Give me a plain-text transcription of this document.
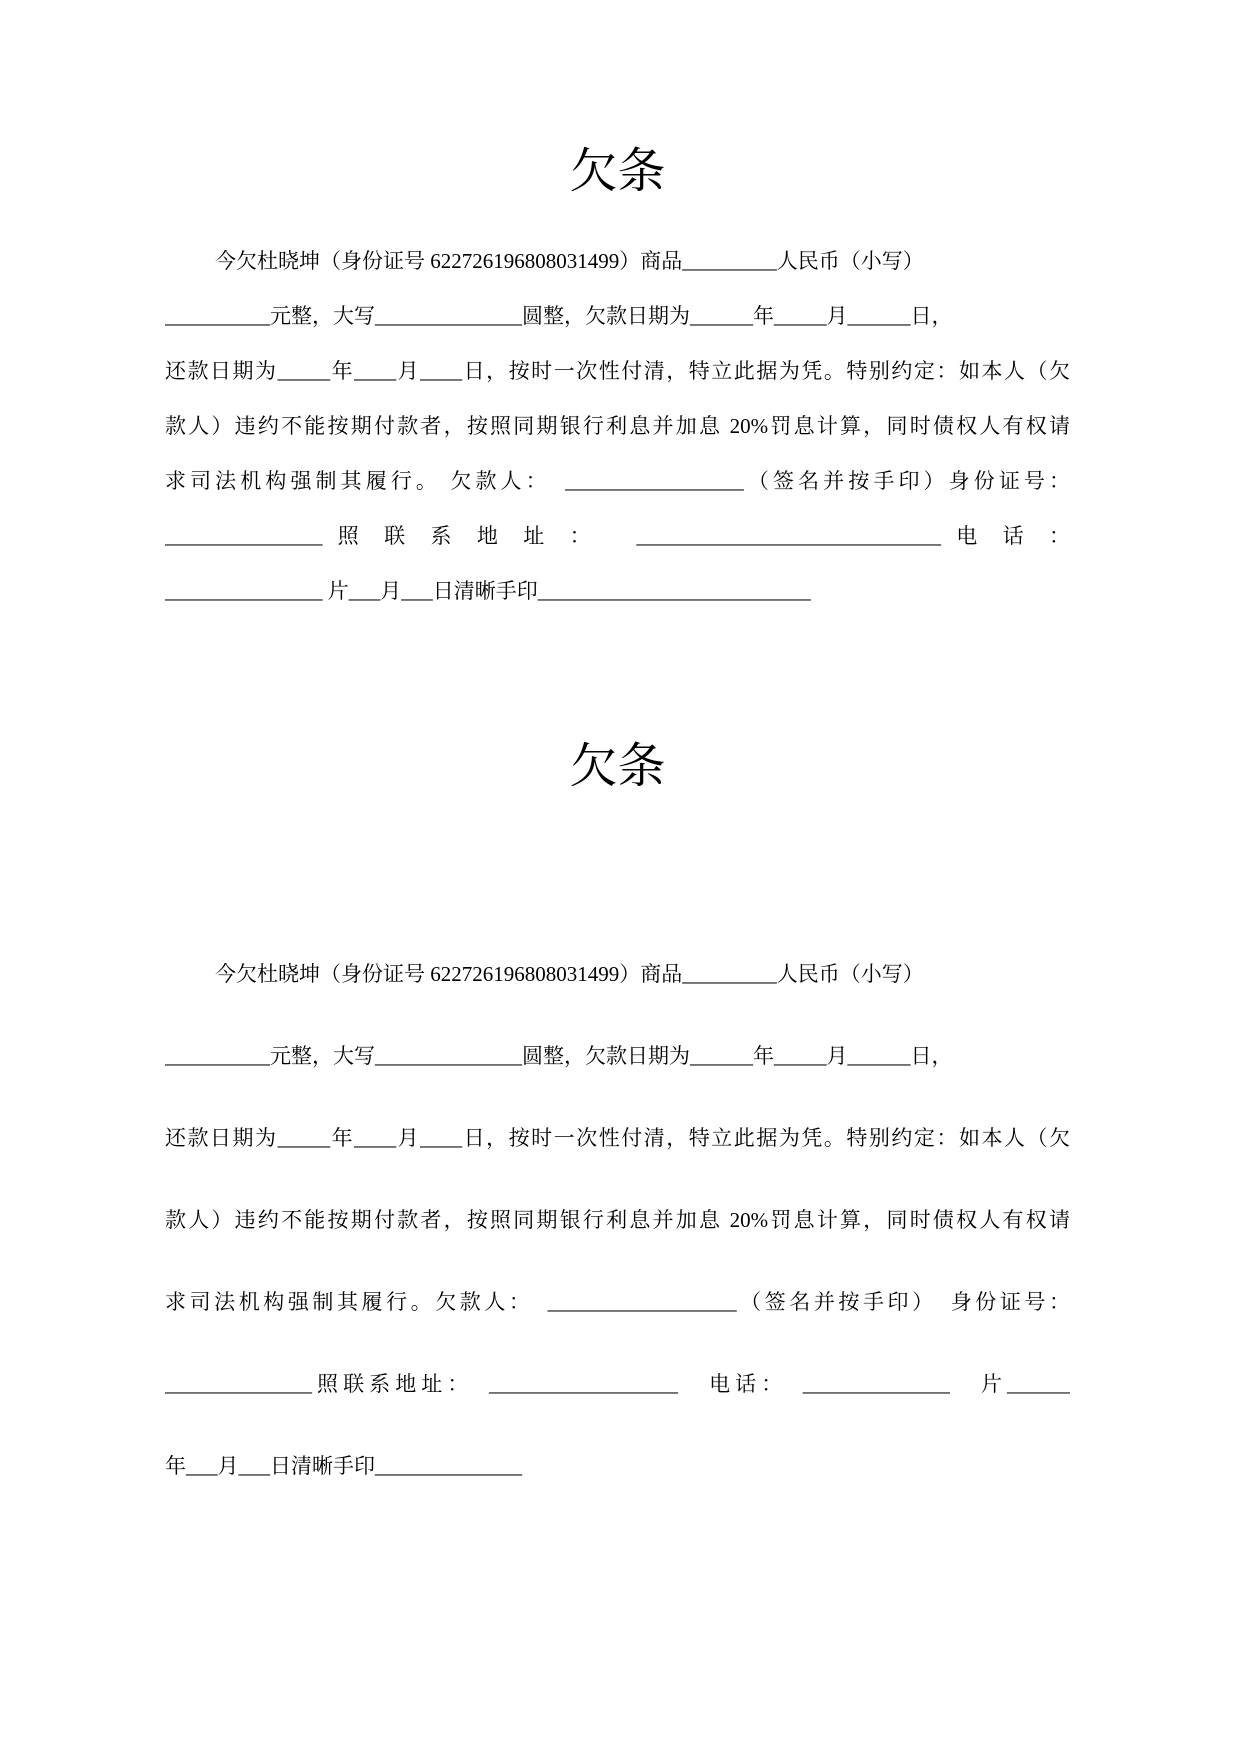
欠条

今欠杜晓坤（身份证号 622726196808031499）商品_________人民币（小写）

__________元整，大写______________圆整，欠款日期为______年_____月______日，

还款日期为_____年____月____日，按时一次性付清，特立此据为凭。特别约定：如本人（欠

款人）违约不能按期付款者，按照同期银行利息并加息 20%罚息计算，同时债权人有权请

求司法机构强制其履行。 欠款人：　_________________（签名并按手印）身份证号：

_______________ 照 联 系 地 址 ：　 _____________________________ 电 话 ：

_______________ 片___月___日清晰手印__________________________

欠条

今欠杜晓坤（身份证号 622726196808031499）商品_________人民币（小写）

__________元整，大写______________圆整，欠款日期为______年_____月______日，

还款日期为_____年____月____日，按时一次性付清，特立此据为凭。特别约定：如本人（欠

款人）违约不能按期付款者，按照同期银行利息并加息 20%罚息计算，同时债权人有权请

求司法机构强制其履行。欠款人：　__________________（签名并按手印）　身份证号：

______________照联系地址：　__________________　电话：　______________　片______

年___月___日清晰手印______________
